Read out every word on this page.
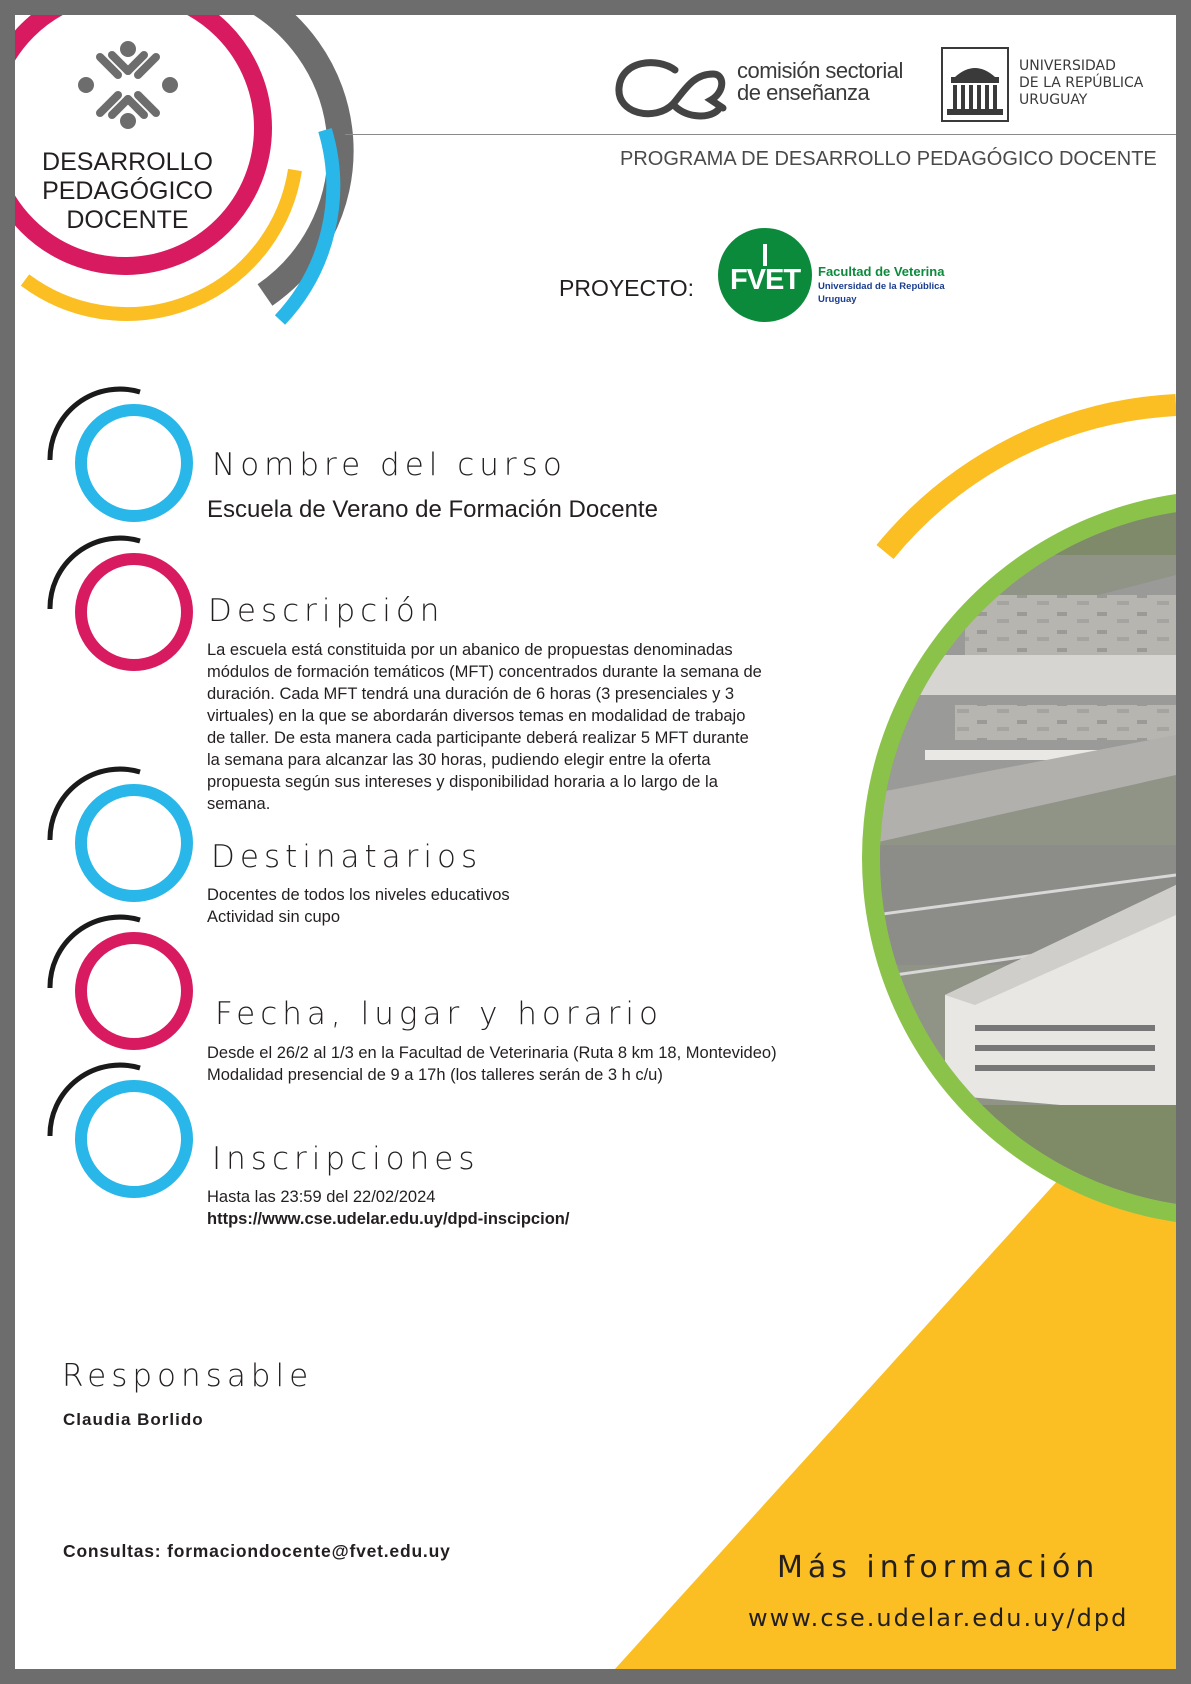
DESARROLLO
PEDAGÓGICO
DOCENTE
comisión sectorial
de enseñanza
UNIVERSIDAD
DE LA REPÚBLICA
URUGUAY
PROGRAMA DE DESARROLLO PEDAGÓGICO DOCENTE
PROYECTO:	FVET	Facultad de Veterina
Universidad de la República
Uruguay
Nombre del curso
Escuela de Verano de Formación Docente
Descripción
La escuela está constituida por un abanico de propuestas denominadas
módulos de formación temáticos (MFT) concentrados durante la semana de
duración. Cada MFT tendrá una duración de 6 horas (3 presenciales y 3
virtuales) en la que se abordarán diversos temas en modalidad de trabajo
de taller. De esta manera cada participante deberá realizar 5 MFT durante
la semana para alcanzar las 30 horas, pudiendo elegir entre la oferta
propuesta según sus intereses y disponibilidad horaria a lo largo de la
semana.
Destinatarios
Docentes de todos los niveles educativos
Actividad sin cupo
Fecha, lugar y horario
Desde el 26/2 al 1/3 en la Facultad de Veterinaria (Ruta 8 km 18, Montevideo)
Modalidad presencial de 9 a 17h (los talleres serán de 3 h c/u)
Inscripciones
Hasta las 23:59 del 22/02/2024
https://www.cse.udelar.edu.uy/dpd-inscipcion/
Responsable
Claudia Borlido
Consultas: formaciondocente@fvet.edu.uy	Más información
www.cse.udelar.edu.uy/dpd
